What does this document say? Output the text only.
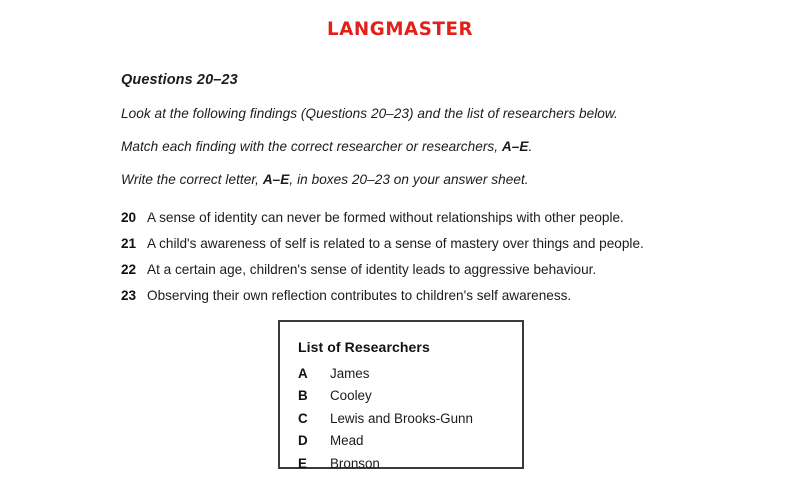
LANGMASTER
Questions 20–23
Look at the following findings (Questions 20–23) and the list of researchers below.
Match each finding with the correct researcher or researchers, A–E.
Write the correct letter, A–E, in boxes 20–23 on your answer sheet.
20 A sense of identity can never be formed without relationships with other people.
21 A child's awareness of self is related to a sense of mastery over things and people.
22 At a certain age, children's sense of identity leads to aggressive behaviour.
23 Observing their own reflection contributes to children's self awareness.
List of Researchers
A	James
B	Cooley
C	Lewis and Brooks-Gunn
D	Mead
E	Bronson
